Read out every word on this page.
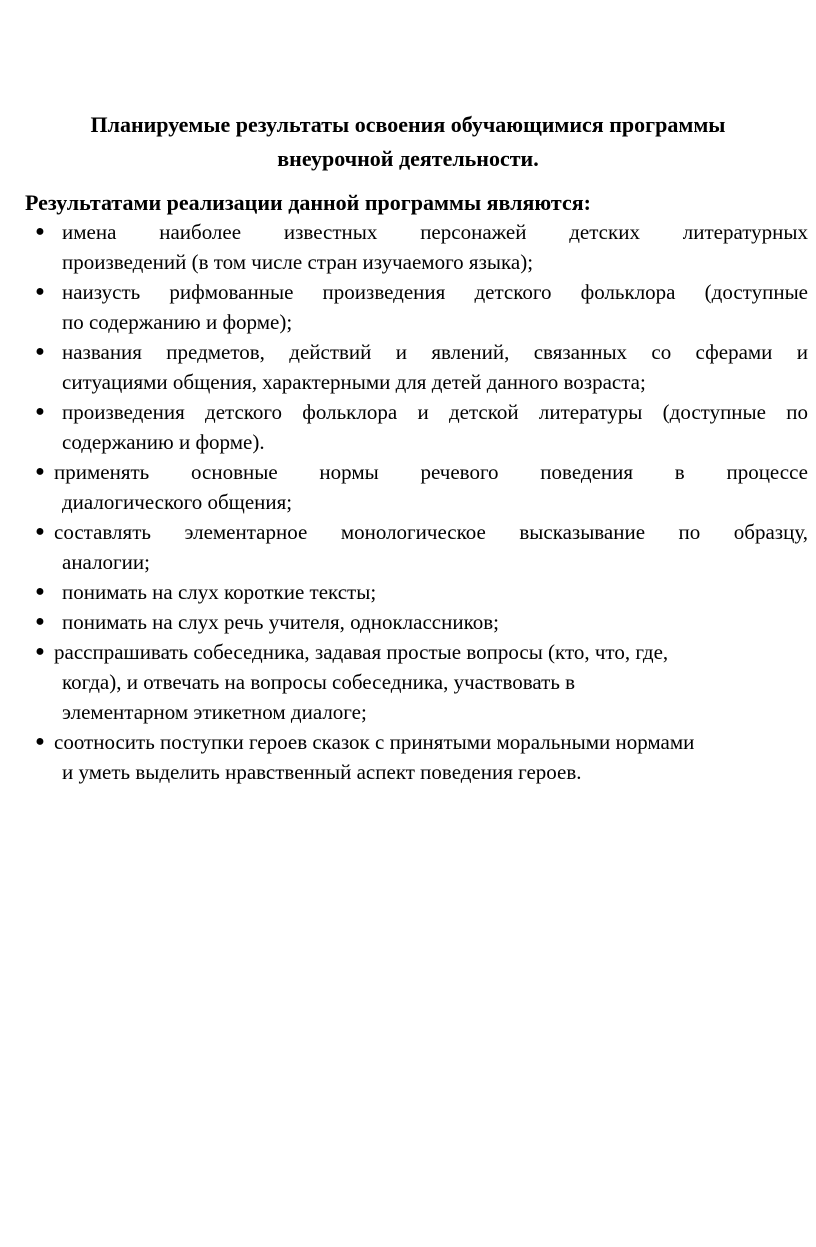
Планируемые результаты освоения обучающимися программы
внеурочной деятельности.
Результатами реализации данной программы являются:
● имена наиболее известных персонажей детских литературных
произведений (в том числе стран изучаемого языка);
● наизусть рифмованные произведения детского фольклора (доступные
по содержанию и форме);
● названия предметов, действий и явлений, связанных со сферами и
ситуациями общения, характерными для детей данного возраста;
● произведения детского фольклора и детской литературы (доступные по
содержанию и форме).
● применять основные нормы речевого поведения в процессе
диалогического общения;
● составлять элементарное монологическое высказывание по образцу,
аналогии;
● понимать на слух короткие тексты;
● понимать на слух речь учителя, одноклассников;
● расспрашивать собеседника, задавая простые вопросы (кто, что, где,
когда), и отвечать на вопросы собеседника, участвовать в
элементарном этикетном диалоге;
● соотносить поступки героев сказок с принятыми моральными нормами
и уметь выделить нравственный аспект поведения героев.
